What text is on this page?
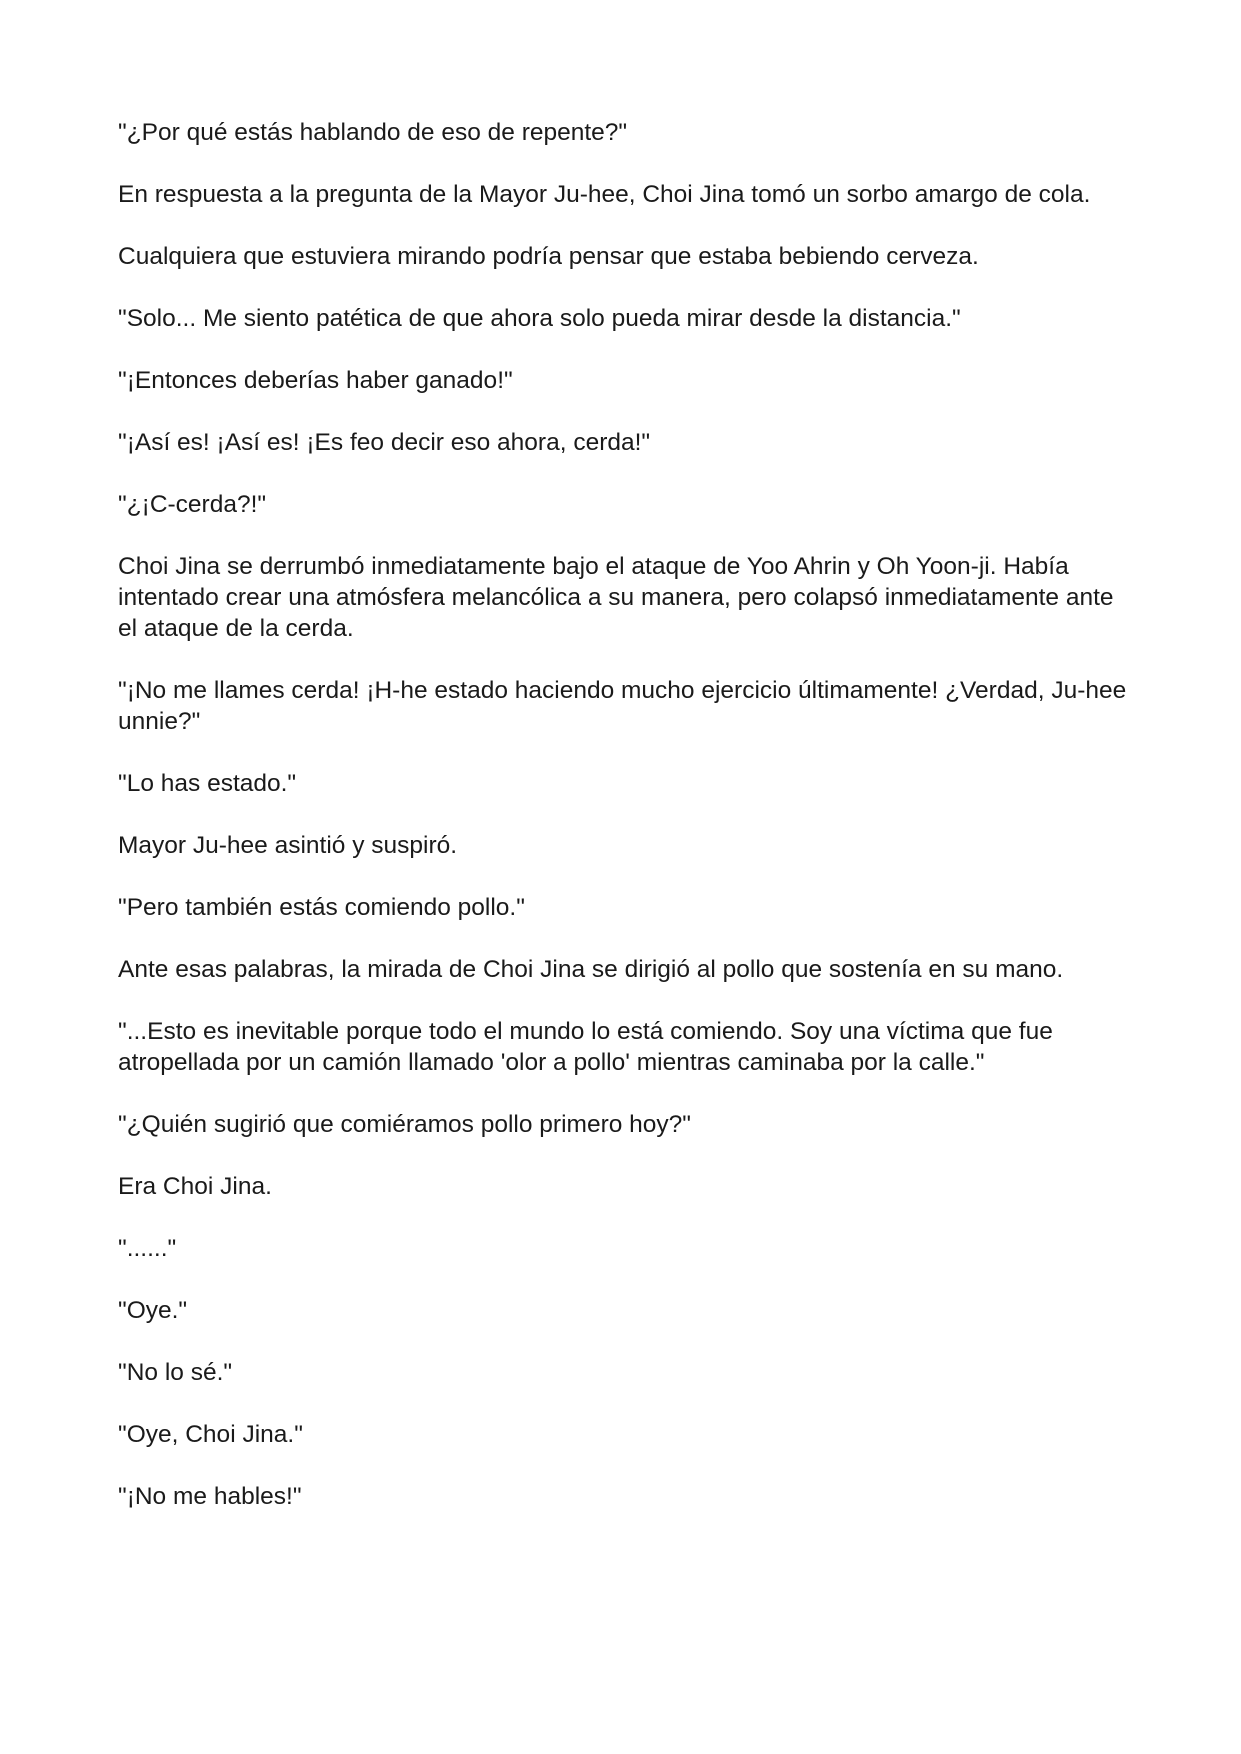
"¿Por qué estás hablando de eso de repente?"

En respuesta a la pregunta de la Mayor Ju-hee, Choi Jina tomó un sorbo amargo de cola.

Cualquiera que estuviera mirando podría pensar que estaba bebiendo cerveza.

"Solo... Me siento patética de que ahora solo pueda mirar desde la distancia."

"¡Entonces deberías haber ganado!"

"¡Así es! ¡Así es! ¡Es feo decir eso ahora, cerda!"

"¿¡C-cerda?!"

Choi Jina se derrumbó inmediatamente bajo el ataque de Yoo Ahrin y Oh Yoon-ji. Había intentado crear una atmósfera melancólica a su manera, pero colapsó inmediatamente ante el ataque de la cerda.

"¡No me llames cerda! ¡H-he estado haciendo mucho ejercicio últimamente! ¿Verdad, Ju-hee unnie?"

"Lo has estado."

Mayor Ju-hee asintió y suspiró.

"Pero también estás comiendo pollo."

Ante esas palabras, la mirada de Choi Jina se dirigió al pollo que sostenía en su mano.

"...Esto es inevitable porque todo el mundo lo está comiendo. Soy una víctima que fue atropellada por un camión llamado 'olor a pollo' mientras caminaba por la calle."

"¿Quién sugirió que comiéramos pollo primero hoy?"

Era Choi Jina.

"......"

"Oye."

"No lo sé."

"Oye, Choi Jina."

"¡No me hables!"
